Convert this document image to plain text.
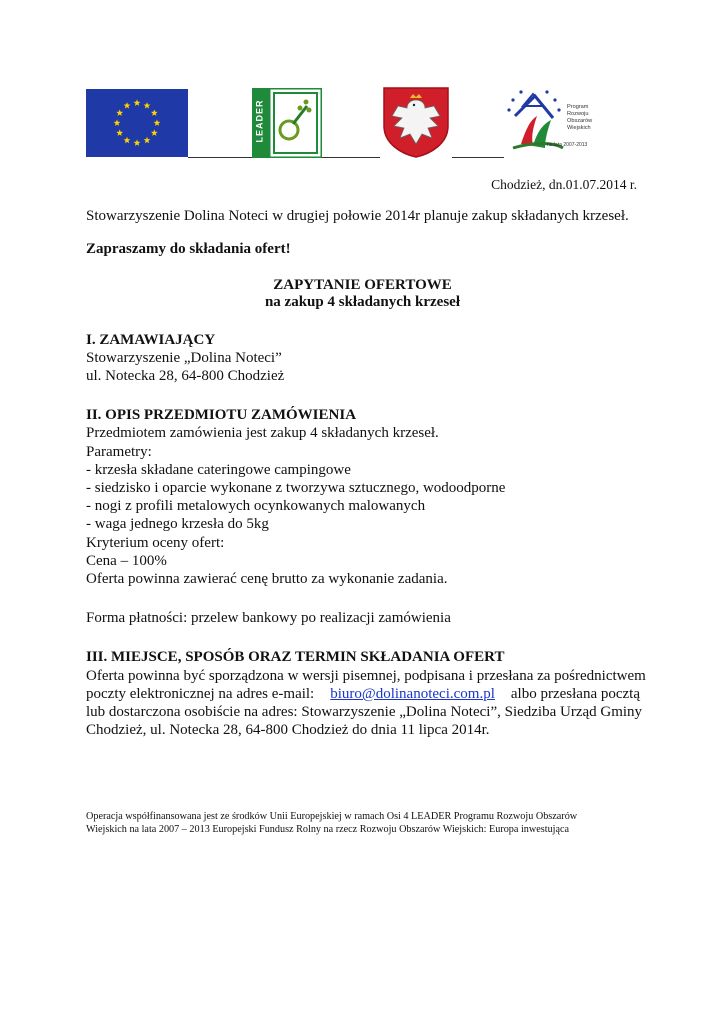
LEADER	Program
Rozwoju
Obszarów
Wiejskich
na lata 2007-2013
Chodzież, dn.01.07.2014 r.
Stowarzyszenie Dolina Noteci w drugiej połowie 2014r planuje zakup składanych krzeseł.
Zapraszamy do składania ofert!
ZAPYTANIE OFERTOWE
na zakup 4 składanych krzeseł
I. ZAMAWIAJĄCY
Stowarzyszenie „Dolina Noteci”
ul. Notecka 28, 64-800 Chodzież
II. OPIS PRZEDMIOTU ZAMÓWIENIA
Przedmiotem zamówienia jest zakup 4 składanych krzeseł.
Parametry:
- krzesła składane cateringowe campingowe
- siedzisko i oparcie wykonane z tworzywa sztucznego, wodoodporne
- nogi z profili metalowych ocynkowanych malowanych
- waga jednego krzesła do 5kg
Kryterium oceny ofert:
Cena – 100%
Oferta powinna zawierać cenę brutto za wykonanie zadania.
Forma płatności: przelew bankowy po realizacji zamówienia
III. MIEJSCE, SPOSÓB ORAZ TERMIN SKŁADANIA OFERT
Oferta powinna być sporządzona w wersji pisemnej, podpisana i przesłana za pośrednictwem
poczty elektronicznej na adres e-mail: biuro@dolinanoteci.com.pl albo przesłana pocztą
lub dostarczona osobiście na adres: Stowarzyszenie „Dolina Noteci”, Siedziba Urząd Gminy
Chodzież, ul. Notecka 28, 64-800 Chodzież do dnia 11 lipca 2014r.
Operacja współfinansowana jest ze środków Unii Europejskiej w ramach Osi 4 LEADER Programu Rozwoju Obszarów
Wiejskich na lata 2007 – 2013 Europejski Fundusz Rolny na rzecz Rozwoju Obszarów Wiejskich: Europa inwestująca
